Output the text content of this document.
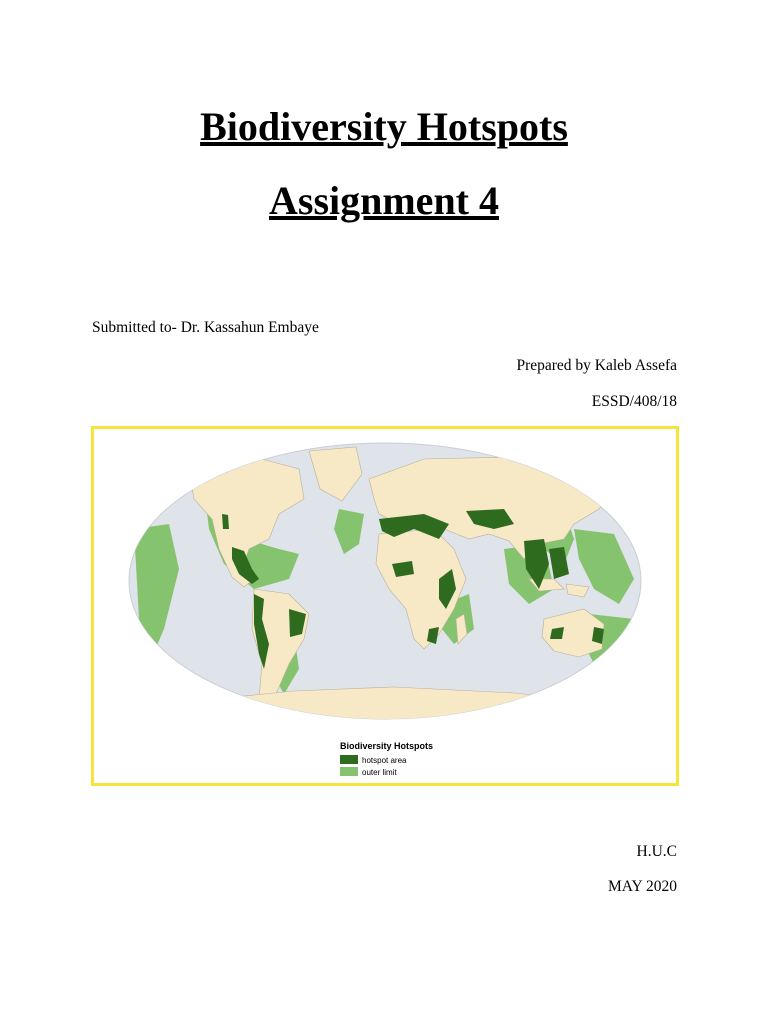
Biodiversity Hotspots
Assignment 4
Submitted to- Dr. Kassahun Embaye
Prepared by Kaleb Assefa
ESSD/408/18
Biodiversity Hotspots
hotspot area
outer limit
H.U.C
MAY 2020
